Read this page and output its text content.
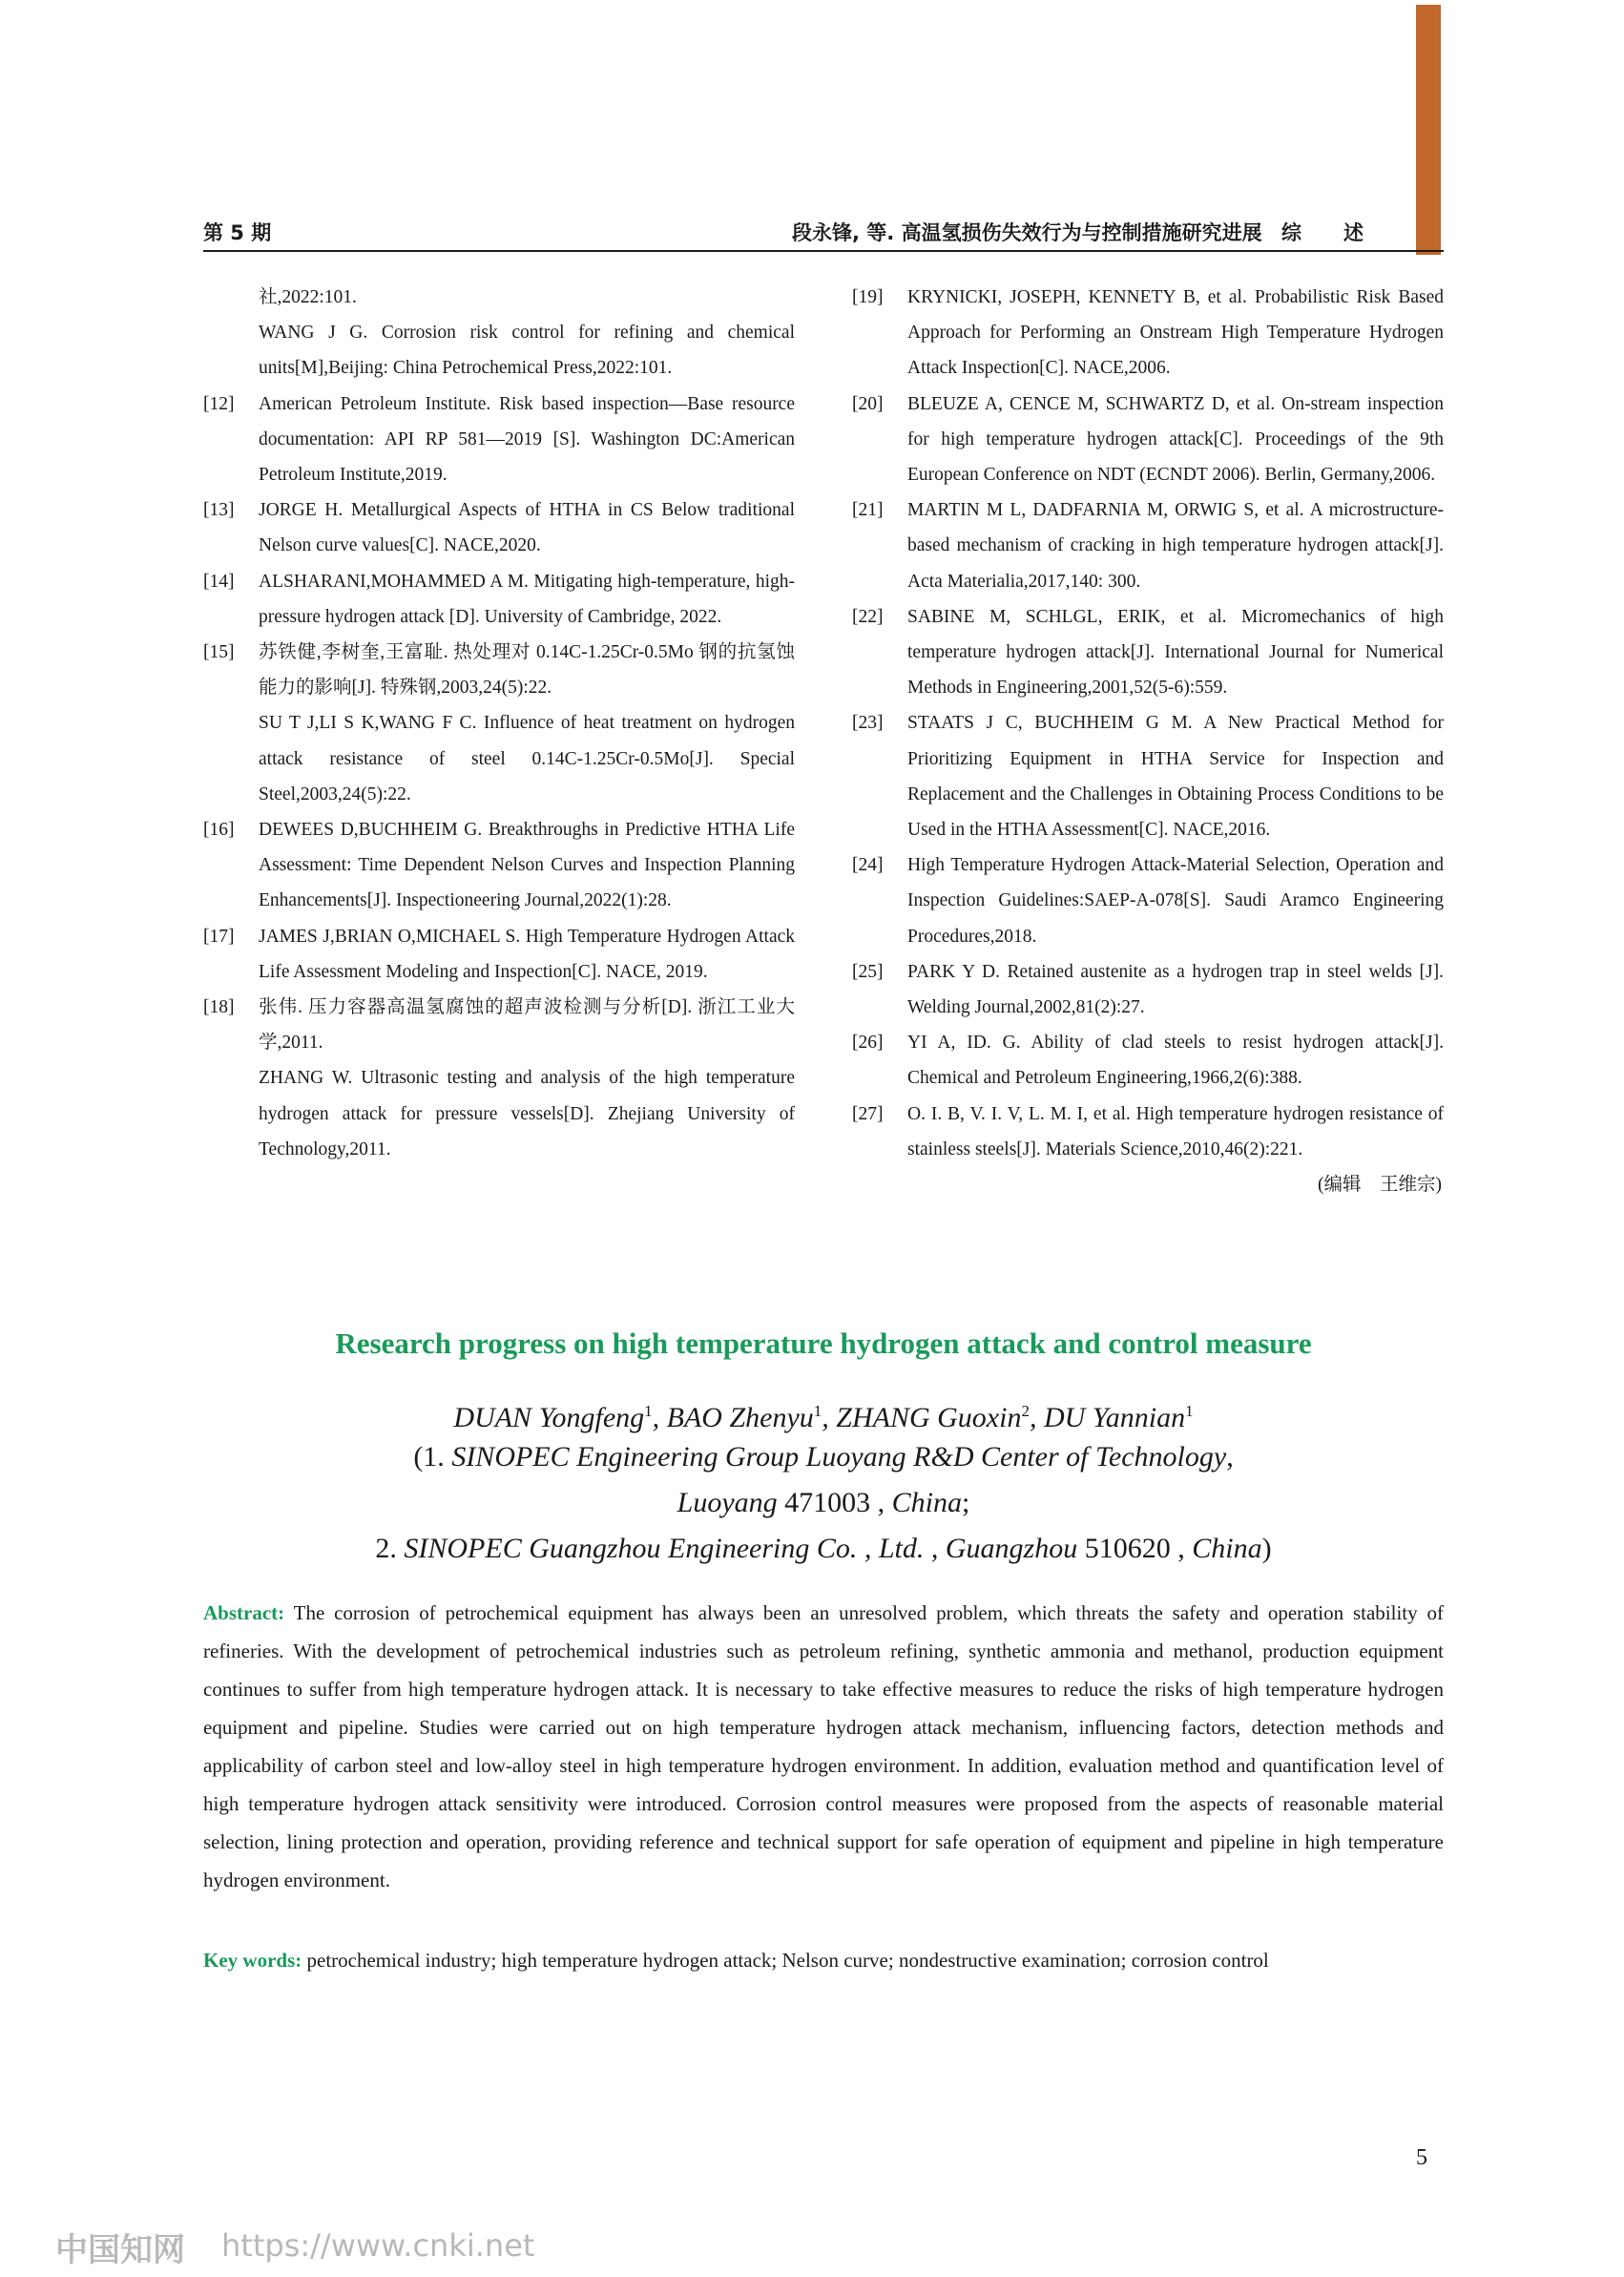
第 5 期	段永锋, 等. 高温氢损伤失效行为与控制措施研究进展 综述
社,2022:101.
WANG J G. Corrosion risk control for refining and chemical units[M],Beijing: China Petrochemical Press,2022:101.
[12] American Petroleum Institute. Risk based inspection—Base resource documentation: API RP 581—2019 [S]. Washington DC:American Petroleum Institute,2019.
[13] JORGE H. Metallurgical Aspects of HTHA in CS Below traditional Nelson curve values[C]. NACE,2020.
[14] ALSHARANI,MOHAMMED A M. Mitigating high-temperature, high-pressure hydrogen attack [D]. University of Cambridge, 2022.
[15] 苏铁健,李树奎,王富耻. 热处理对 0.14C-1.25Cr-0.5Mo 钢的抗氢蚀能力的影响[J]. 特殊钢,2003,24(5):22.
SU T J,LI S K,WANG F C. Influence of heat treatment on hydrogen attack resistance of steel 0.14C-1.25Cr-0.5Mo[J]. Special Steel,2003,24(5):22.
[16] DEWEES D,BUCHHEIM G. Breakthroughs in Predictive HTHA Life Assessment: Time Dependent Nelson Curves and Inspection Planning Enhancements[J]. Inspectioneering Journal,2022(1):28.
[17] JAMES J,BRIAN O,MICHAEL S. High Temperature Hydrogen Attack Life Assessment Modeling and Inspection[C]. NACE, 2019.
[18] 张伟. 压力容器高温氢腐蚀的超声波检测与分析[D]. 浙江工业大学,2011.
ZHANG W. Ultrasonic testing and analysis of the high temperature hydrogen attack for pressure vessels[D]. Zhejiang University of Technology,2011.
[19] KRYNICKI, JOSEPH, KENNETY B, et al. Probabilistic Risk Based Approach for Performing an Onstream High Temperature Hydrogen Attack Inspection[C]. NACE,2006.
[20] BLEUZE A, CENCE M, SCHWARTZ D, et al. On-stream inspection for high temperature hydrogen attack[C]. Proceedings of the 9th European Conference on NDT (ECNDT 2006). Berlin, Germany,2006.
[21] MARTIN M L, DADFARNIA M, ORWIG S, et al. A microstructure-based mechanism of cracking in high temperature hydrogen attack[J]. Acta Materialia,2017,140: 300.
[22] SABINE M, SCHLGL, ERIK, et al. Micromechanics of high temperature hydrogen attack[J]. International Journal for Numerical Methods in Engineering,2001,52(5-6):559.
[23] STAATS J C, BUCHHEIM G M. A New Practical Method for Prioritizing Equipment in HTHA Service for Inspection and Replacement and the Challenges in Obtaining Process Conditions to be Used in the HTHA Assessment[C]. NACE,2016.
[24] High Temperature Hydrogen Attack-Material Selection, Operation and Inspection Guidelines:SAEP-A-078[S]. Saudi Aramco Engineering Procedures,2018.
[25] PARK Y D. Retained austenite as a hydrogen trap in steel welds [J]. Welding Journal,2002,81(2):27.
[26] YI A, ID. G. Ability of clad steels to resist hydrogen attack[J]. Chemical and Petroleum Engineering,1966,2(6):388.
[27] O. I. B, V. I. V, L. M. I, et al. High temperature hydrogen resistance of stainless steels[J]. Materials Science,2010,46(2):221.
(编辑　王维宗)
Research progress on high temperature hydrogen attack and control measure
DUAN Yongfeng$^1$, BAO Zhenyu$^1$, ZHANG Guoxin$^2$, DU Yannian$^1$
(1. SINOPEC Engineering Group Luoyang R&D Center of Technology,
Luoyang 471003 , China;
2. SINOPEC Guangzhou Engineering Co. , Ltd. , Guangzhou 510620 , China)
Abstract: The corrosion of petrochemical equipment has always been an unresolved problem, which threats the safety and operation stability of refineries. With the development of petrochemical industries such as petroleum refining, synthetic ammonia and methanol, production equipment continues to suffer from high temperature hydrogen attack. It is necessary to take effective measures to reduce the risks of high temperature hydrogen equipment and pipeline. Studies were carried out on high temperature hydrogen attack mechanism, influencing factors, detection methods and applicability of carbon steel and low-alloy steel in high temperature hydrogen environment. In addition, evaluation method and quantification level of high temperature hydrogen attack sensitivity were introduced. Corrosion control measures were proposed from the aspects of reasonable material selection, lining protection and operation, providing reference and technical support for safe operation of equipment and pipeline in high temperature hydrogen environment.
Key words: petrochemical industry; high temperature hydrogen attack; Nelson curve; nondestructive examination; corrosion control
5
中国知网 https://www.cnki.net
